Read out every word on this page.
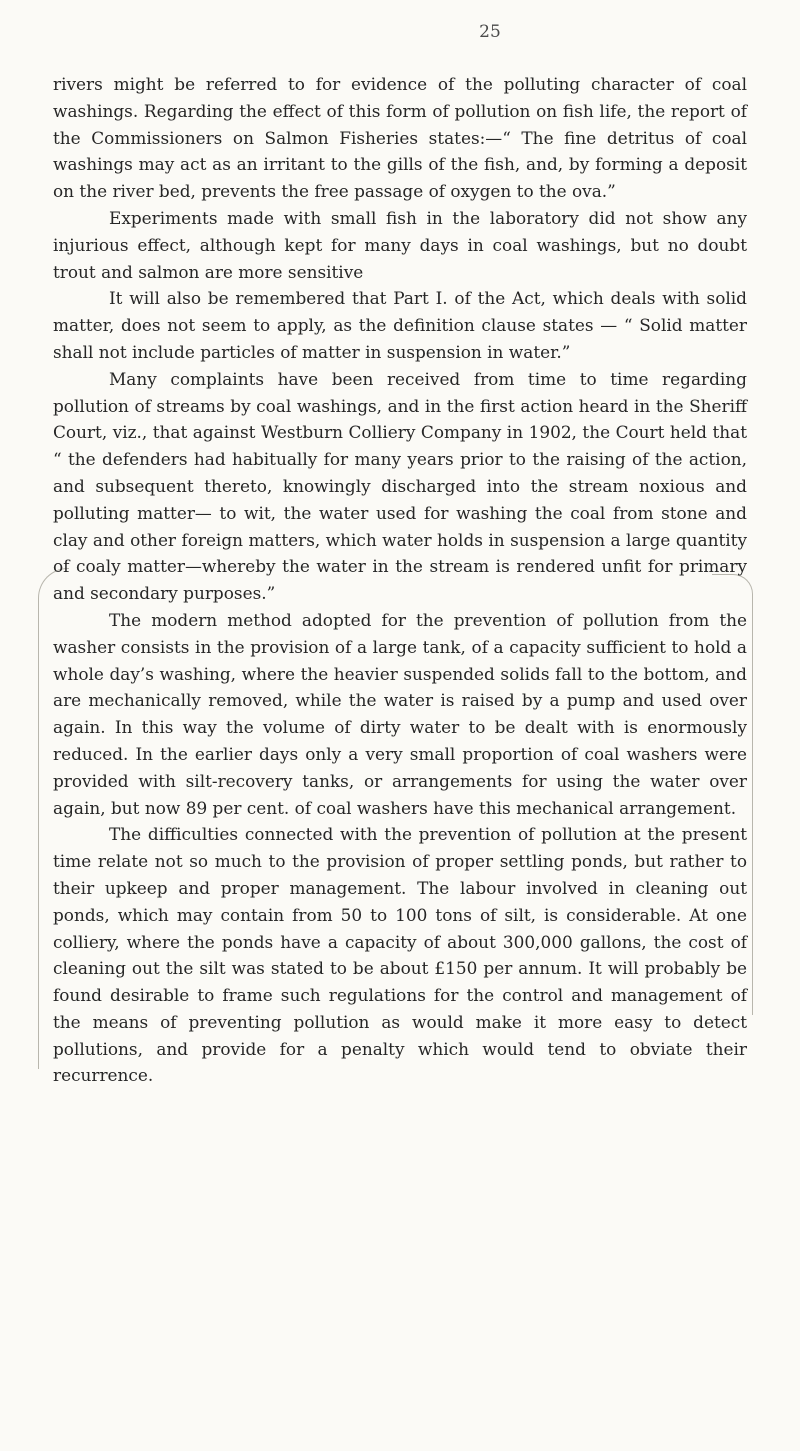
25

rivers might be referred to for evidence of the polluting character of coal washings. Regarding the effect of this form of pollution on fish life, the report of the Commissioners on Salmon Fisheries states:—“ The fine detritus of coal washings may act as an irritant to the gills of the fish, and, by forming a deposit on the river bed, prevents the free passage of oxygen to the ova.”

Experiments made with small fish in the laboratory did not show any injurious effect, although kept for many days in coal washings, but no doubt trout and salmon are more sensitive

It will also be remembered that Part I. of the Act, which deals with solid matter, does not seem to apply, as the definition clause states — “ Solid matter shall not include particles of matter in suspension in water.”

Many complaints have been received from time to time regarding pollution of streams by coal washings, and in the first action heard in the Sheriff Court, viz., that against Westburn Colliery Company in 1902, the Court held that “ the defenders had habitually for many years prior to the raising of the action, and subsequent thereto, knowingly discharged into the stream noxious and polluting matter— to wit, the water used for washing the coal from stone and clay and other foreign matters, which water holds in suspension a large quantity of coaly matter—whereby the water in the stream is rendered unfit for primary and secondary purposes.”

The modern method adopted for the prevention of pollution from the washer consists in the provision of a large tank, of a capacity sufficient to hold a whole day’s washing, where the heavier suspended solids fall to the bottom, and are mechanically removed, while the water is raised by a pump and used over again. In this way the volume of dirty water to be dealt with is enormously reduced. In the earlier days only a very small proportion of coal washers were provided with silt-recovery tanks, or arrangements for using the water over again, but now 89 per cent. of coal washers have this mechanical arrangement.

The difficulties connected with the prevention of pollution at the present time relate not so much to the provision of proper settling ponds, but rather to their upkeep and proper management. The labour involved in cleaning out ponds, which may contain from 50 to 100 tons of silt, is considerable. At one colliery, where the ponds have a capacity of about 300,000 gallons, the cost of cleaning out the silt was stated to be about £150 per annum. It will probably be found desirable to frame such regulations for the control and management of the means of preventing pollution as would make it more easy to detect pollutions, and provide for a penalty which would tend to obviate their recurrence.
